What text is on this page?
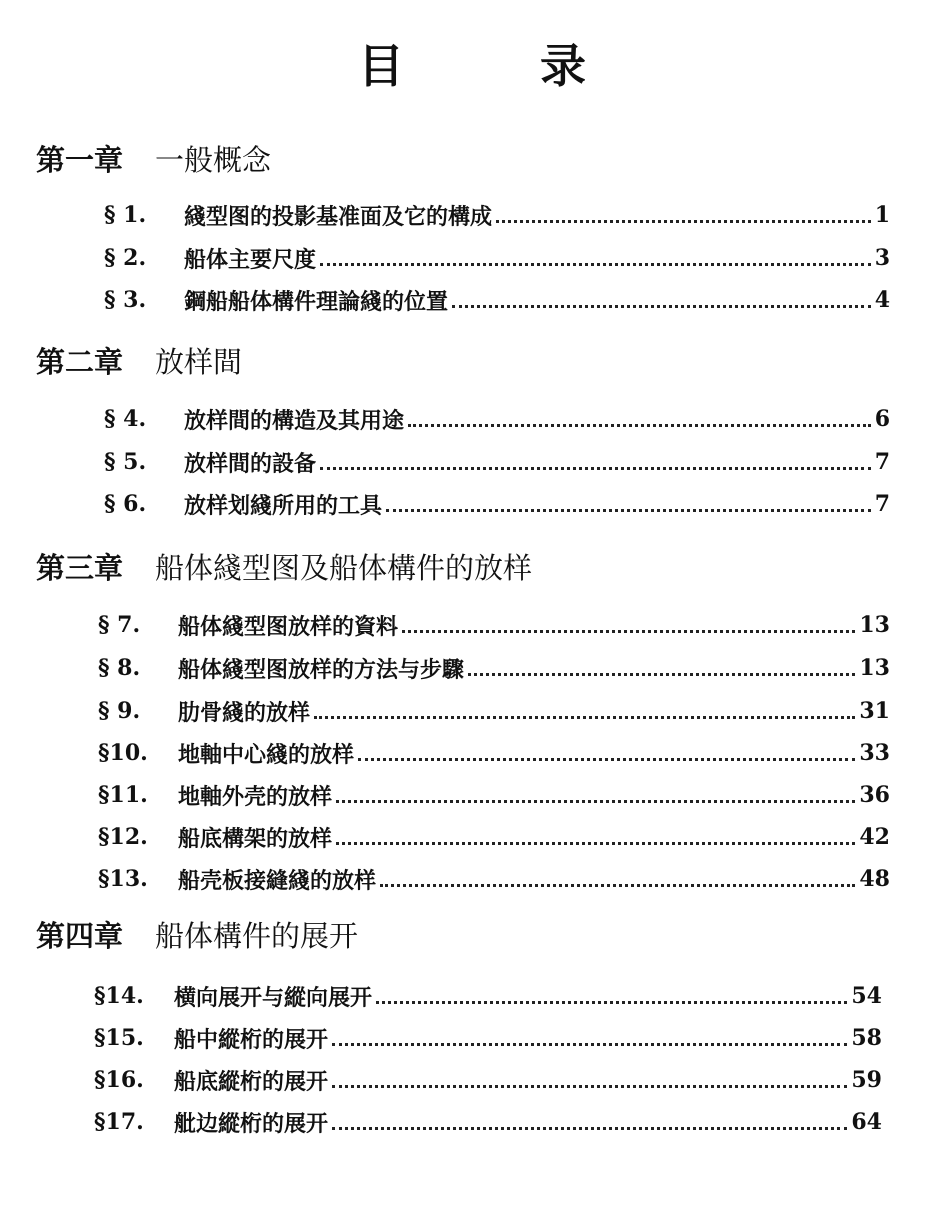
目 录
第一章 一般概念
§ 1.	綫型图的投影基准面及它的構成	1
§ 2.	船体主要尺度	3
§ 3.	鋼船船体構件理論綫的位置	4
第二章 放样間
§ 4.	放样間的構造及其用途	6
§ 5.	放样間的設备	7
§ 6.	放样划綫所用的工具	7
第三章 船体綫型图及船体構件的放样
§ 7.	船体綫型图放样的資料	13
§ 8.	船体綫型图放样的方法与步驟	13
§ 9.	肋骨綫的放样	31
§10.	地軸中心綫的放样	33
§11.	地軸外壳的放样	36
§12.	船底構架的放样	42
§13.	船壳板接縫綫的放样	48
第四章 船体構件的展开
§14.	横向展开与縱向展开	54
§15.	船中縱桁的展开	58
§16.	船底縱桁的展开	59
§17.	舭边縱桁的展开	64
